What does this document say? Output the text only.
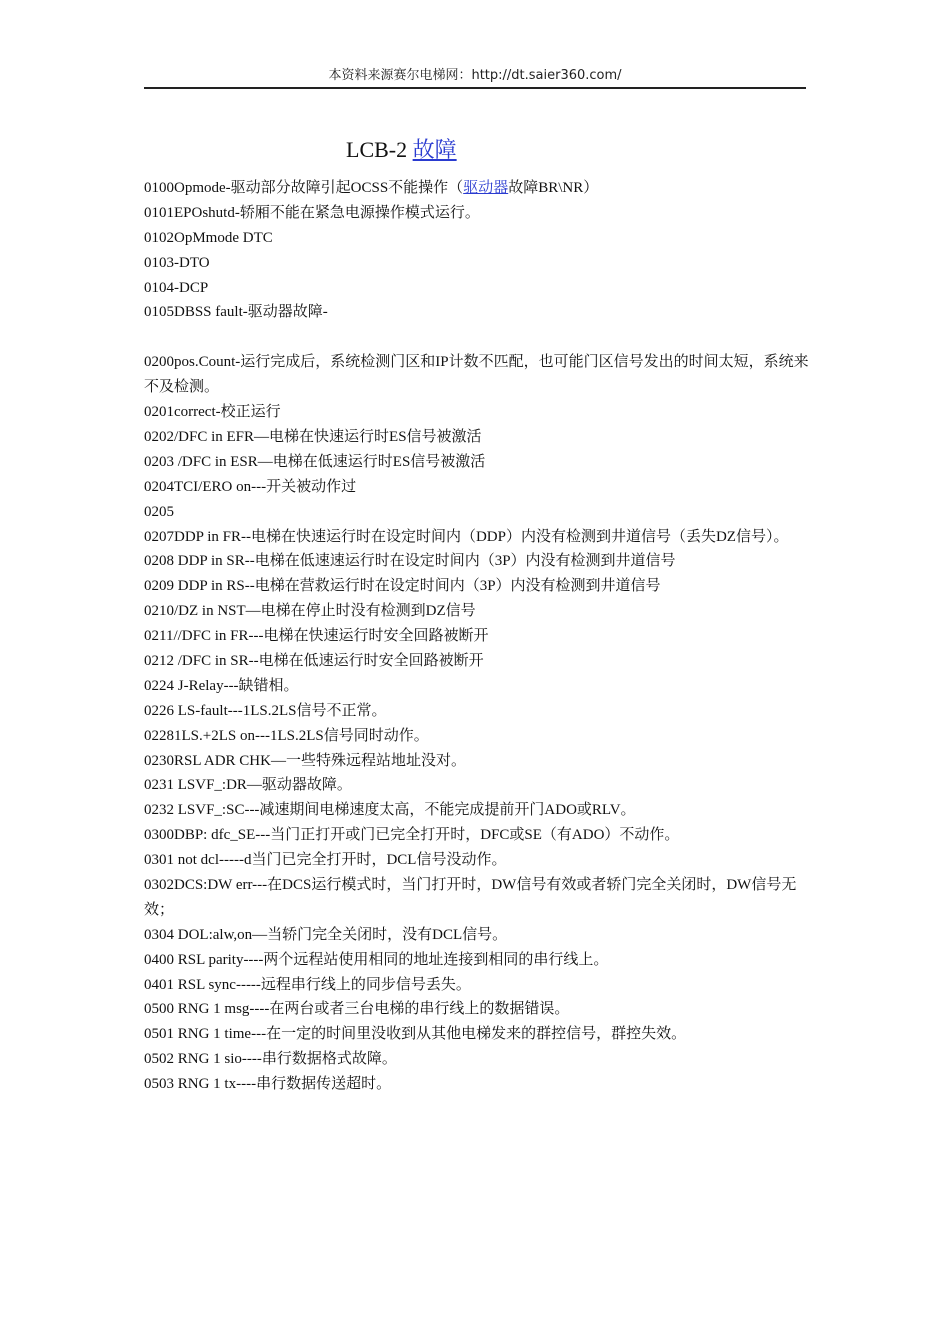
本资料来源赛尔电梯网：http://dt.saier360.com/
LCB-2 故障
0100Opmode-驱动部分故障引起OCSS不能操作（驱动器故障BR\NR）
0101EPOshutd-轿厢不能在紧急电源操作模式运行。
0102OpMmode DTC
0103-DTO
0104-DCP
0105DBSS fault-驱动器故障-
0200pos.Count-运行完成后，系统检测门区和IP计数不匹配，也可能门区信号发出的时间太短，系统来不及检测。
0201correct-校正运行
0202/DFC in EFR—电梯在快速运行时ES信号被激活
0203 /DFC in ESR—电梯在低速运行时ES信号被激活
0204TCI/ERO on---开关被动作过
0205
0207DDP in FR--电梯在快速运行时在设定时间内（DDP）内没有检测到井道信号（丢失DZ信号）。
0208 DDP in SR--电梯在低速速运行时在设定时间内（3P）内没有检测到井道信号
0209 DDP in RS--电梯在营救运行时在设定时间内（3P）内没有检测到井道信号
0210/DZ in NST—电梯在停止时没有检测到DZ信号
0211//DFC in FR---电梯在快速运行时安全回路被断开
0212 /DFC in SR--电梯在低速运行时安全回路被断开
0224 J-Relay---缺错相。
0226 LS-fault---1LS.2LS信号不正常。
02281LS.+2LS on---1LS.2LS信号同时动作。
0230RSL ADR CHK—一些特殊远程站地址没对。
0231 LSVF_:DR—驱动器故障。
0232 LSVF_:SC---减速期间电梯速度太高，不能完成提前开门ADO或RLV。
0300DBP: dfc_SE---当门正打开或门已完全打开时，DFC或SE（有ADO）不动作。
0301 not dcl-----d当门已完全打开时，DCL信号没动作。
0302DCS:DW err---在DCS运行模式时，当门打开时，DW信号有效或者轿门完全关闭时，DW信号无效；
0304 DOL:alw,on—当轿门完全关闭时，没有DCL信号。
0400 RSL parity----两个远程站使用相同的地址连接到相同的串行线上。
0401 RSL sync-----远程串行线上的同步信号丢失。
0500 RNG 1 msg----在两台或者三台电梯的串行线上的数据错误。
0501 RNG 1 time---在一定的时间里没收到从其他电梯发来的群控信号，群控失效。
0502 RNG 1 sio----串行数据格式故障。
0503 RNG 1 tx----串行数据传送超时。
